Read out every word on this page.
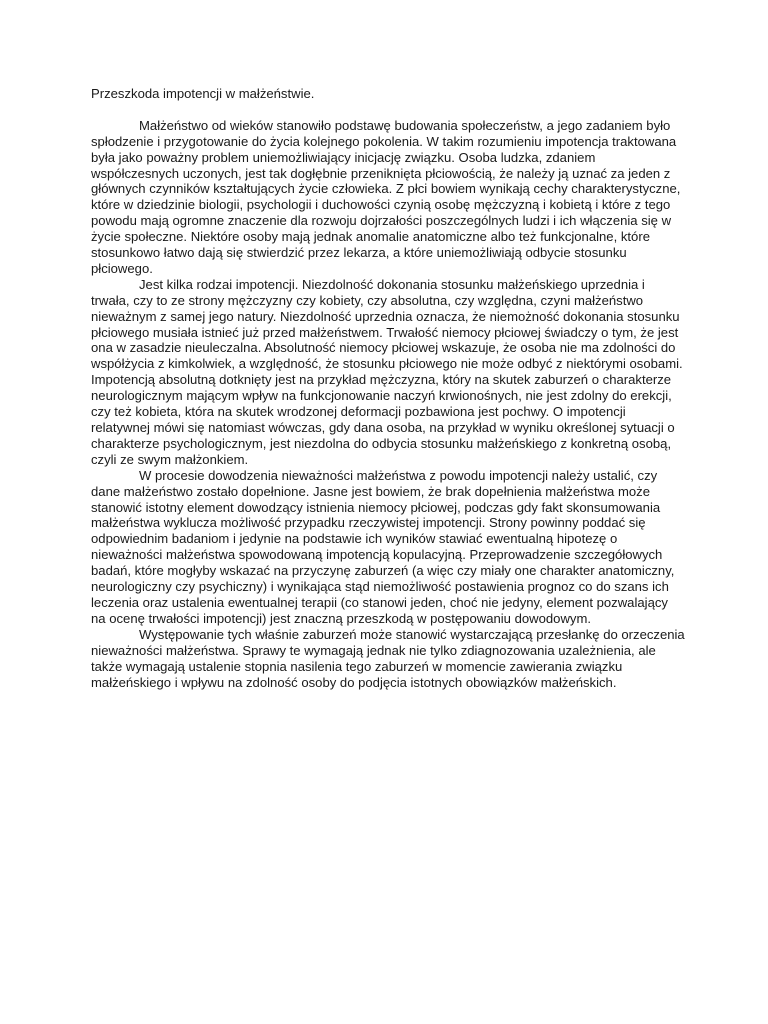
Przeszkoda impotencji w małżeństwie.

Małżeństwo od wieków stanowiło podstawę budowania społeczeństw, a jego zadaniem było spłodzenie i przygotowanie do życia kolejnego pokolenia. W takim rozumieniu impotencja traktowana była jako poważny problem uniemożliwiający inicjację związku. Osoba ludzka, zdaniem współczesnych uczonych, jest tak dogłębnie przeniknięta płciowością, że należy ją uznać za jeden z głównych czynników kształtujących życie człowieka. Z płci bowiem wynikają cechy charakterystyczne, które w dziedzinie biologii, psychologii i duchowości czynią osobę mężczyzną i kobietą i które z tego powodu mają ogromne znaczenie dla rozwoju dojrzałości poszczególnych ludzi i ich włączenia się w życie społeczne. Niektóre osoby mają jednak anomalie anatomiczne albo też funkcjonalne, które stosunkowo łatwo dają się stwierdzić przez lekarza, a które uniemożliwiają odbycie stosunku płciowego.

Jest kilka rodzai impotencji. Niezdolność dokonania stosunku małżeńskiego uprzednia i trwała, czy to ze strony mężczyzny czy kobiety, czy absolutna, czy względna, czyni małżeństwo nieważnym z samej jego natury. Niezdolność uprzednia oznacza, że niemożność dokonania stosunku płciowego musiała istnieć już przed małżeństwem. Trwałość niemocy płciowej świadczy o tym, że jest ona w zasadzie nieuleczalna. Absolutność niemocy płciowej wskazuje, że osoba nie ma zdolności do współżycia z kimkolwiek, a względność, że stosunku płciowego nie może odbyć z niektórymi osobami. Impotencją absolutną dotknięty jest na przykład mężczyzna, który na skutek zaburzeń o charakterze neurologicznym mającym wpływ na funkcjonowanie naczyń krwionośnych, nie jest zdolny do erekcji, czy też kobieta, która na skutek wrodzonej deformacji pozbawiona jest pochwy. O impotencji relatywnej mówi się natomiast wówczas, gdy dana osoba, na przykład w wyniku określonej sytuacji o charakterze psychologicznym, jest niezdolna do odbycia stosunku małżeńskiego z konkretną osobą, czyli ze swym małżonkiem.

W procesie dowodzenia nieważności małżeństwa z powodu impotencji należy ustalić, czy dane małżeństwo zostało dopełnione. Jasne jest bowiem, że brak dopełnienia małżeństwa może stanowić istotny element dowodzący istnienia niemocy płciowej, podczas gdy fakt skonsumowania małżeństwa wyklucza możliwość przypadku rzeczywistej impotencji. Strony powinny poddać się odpowiednim badaniom i jedynie na podstawie ich wyników stawiać ewentualną hipotezę o nieważności małżeństwa spowodowaną impotencją kopulacyjną. Przeprowadzenie szczegółowych badań, które mogłyby wskazać na przyczynę zaburzeń (a więc czy miały one charakter anatomiczny, neurologiczny czy psychiczny) i wynikająca stąd niemożliwość postawienia prognoz co do szans ich leczenia oraz ustalenia ewentualnej terapii (co stanowi jeden, choć nie jedyny, element pozwalający na ocenę trwałości impotencji) jest znaczną przeszkodą w postępowaniu dowodowym.

Występowanie tych właśnie zaburzeń może stanowić wystarczającą przesłankę do orzeczenia nieważności małżeństwa. Sprawy te wymagają jednak nie tylko zdiagnozowania uzależnienia, ale także wymagają ustalenie stopnia nasilenia tego zaburzeń w momencie zawierania związku małżeńskiego i wpływu na zdolność osoby do podjęcia istotnych obowiązków małżeńskich.
